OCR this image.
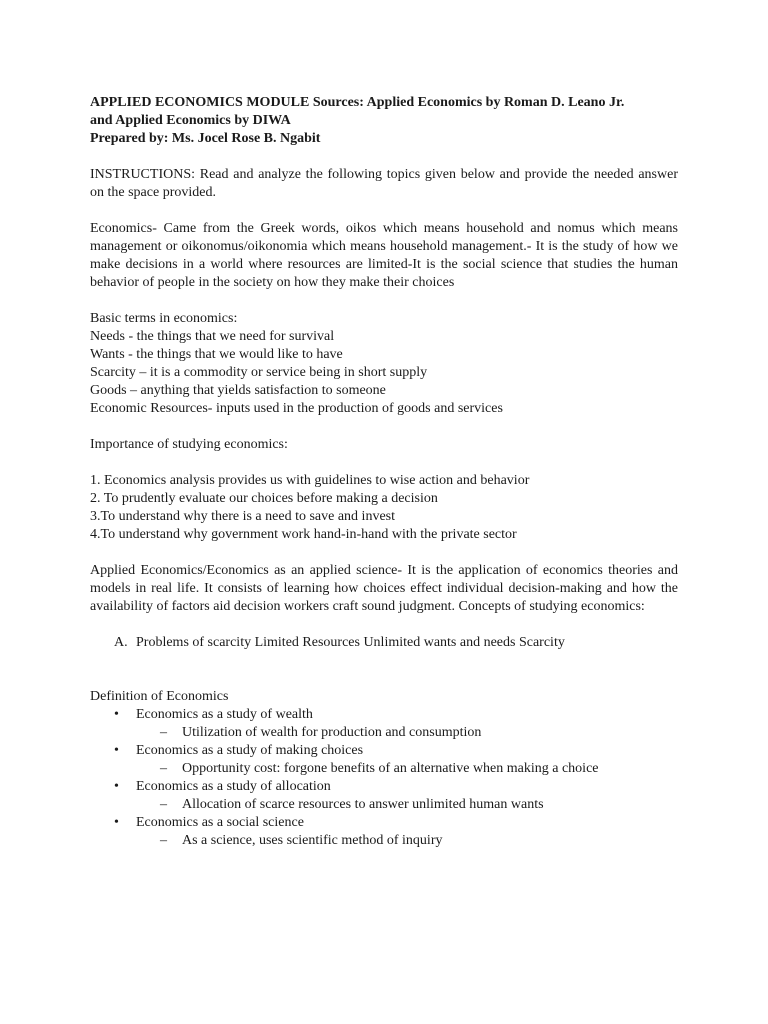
APPLIED ECONOMICS MODULE Sources: Applied Economics by Roman D. Leano Jr.
and Applied Economics by DIWA
Prepared by: Ms. Jocel Rose B. Ngabit

INSTRUCTIONS: Read and analyze the following topics given below and provide the needed answer on the space provided.

Economics- Came from the Greek words, oikos which means household and nomus which means management or oikonomus/oikonomia which means household management.- It is the study of how we make decisions in a world where resources are limited-It is the social science that studies the human behavior of people in the society on how they make their choices

Basic terms in economics:
Needs - the things that we need for survival
Wants - the things that we would like to have
Scarcity – it is a commodity or service being in short supply
Goods – anything that yields satisfaction to someone
Economic Resources- inputs used in the production of goods and services
Importance of studying economics:
1. Economics analysis provides us with guidelines to wise action and behavior
2. To prudently evaluate our choices before making a decision
3.To understand why there is a need to save and invest
4.To understand why government work hand-in-hand with the private sector

Applied Economics/Economics as an applied science- It is the application of economics theories and models in real life. It consists of learning how choices effect individual decision-making and how the availability of factors aid decision workers craft sound judgment. Concepts of studying economics:

A. Problems of scarcity Limited Resources Unlimited wants and needs Scarcity
Definition of Economics
•	Economics as a study of wealth
–	Utilization of wealth for production and consumption
•	Economics as a study of making choices
–	Opportunity cost: forgone benefits of an alternative when making a choice
•	Economics as a study of allocation
–	Allocation of scarce resources to answer unlimited human wants
•	Economics as a social science
–	As a science, uses scientific method of inquiry
